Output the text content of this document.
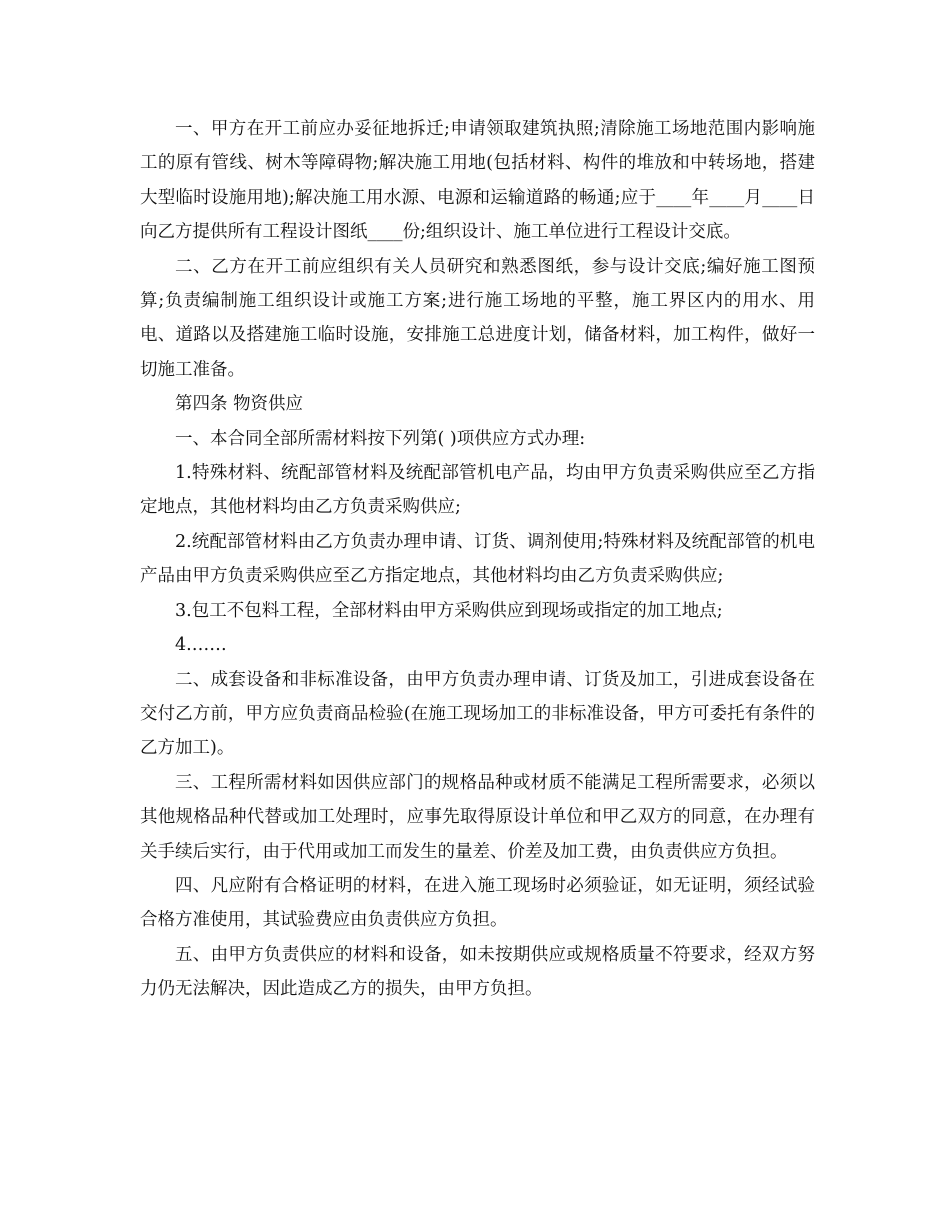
一、甲方在开工前应办妥征地拆迁;申请领取建筑执照;清除施工场地范围内影响施工的原有管线、树木等障碍物;解决施工用地(包括材料、构件的堆放和中转场地，搭建大型临时设施用地);解决施工用水源、电源和运输道路的畅通;应于____年____月____日向乙方提供所有工程设计图纸____份;组织设计、施工单位进行工程设计交底。

二、乙方在开工前应组织有关人员研究和熟悉图纸，参与设计交底;编好施工图预算;负责编制施工组织设计或施工方案;进行施工场地的平整，施工界区内的用水、用电、道路以及搭建施工临时设施，安排施工总进度计划，储备材料，加工构件，做好一切施工准备。

第四条 物资供应

一、本合同全部所需材料按下列第( )项供应方式办理:

1.特殊材料、统配部管材料及统配部管机电产品，均由甲方负责采购供应至乙方指定地点，其他材料均由乙方负责采购供应;

2.统配部管材料由乙方负责办理申请、订货、调剂使用;特殊材料及统配部管的机电产品由甲方负责采购供应至乙方指定地点，其他材料均由乙方负责采购供应;

3.包工不包料工程，全部材料由甲方采购供应到现场或指定的加工地点;

4.……

二、成套设备和非标准设备，由甲方负责办理申请、订货及加工，引进成套设备在交付乙方前，甲方应负责商品检验(在施工现场加工的非标准设备，甲方可委托有条件的乙方加工)。

三、工程所需材料如因供应部门的规格品种或材质不能满足工程所需要求，必须以其他规格品种代替或加工处理时，应事先取得原设计单位和甲乙双方的同意，在办理有关手续后实行，由于代用或加工而发生的量差、价差及加工费，由负责供应方负担。

四、凡应附有合格证明的材料，在进入施工现场时必须验证，如无证明，须经试验合格方准使用，其试验费应由负责供应方负担。

五、由甲方负责供应的材料和设备，如未按期供应或规格质量不符要求，经双方努力仍无法解决，因此造成乙方的损失，由甲方负担。
